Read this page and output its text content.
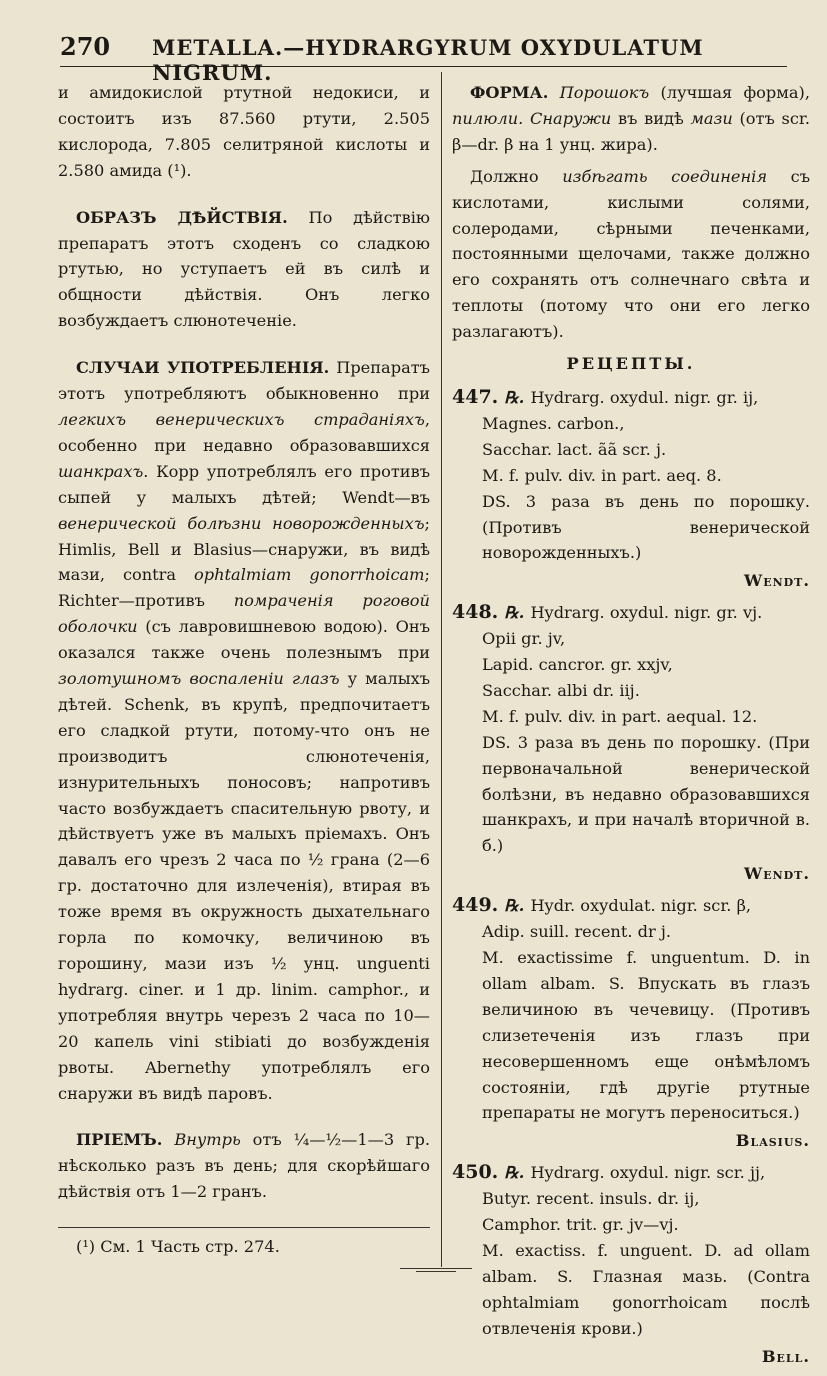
270 METALLA.—HYDRARGYRUM OXYDULATUM NIGRUM.

и амидокислой ртутной недокиси, и состоитъ изъ 87.560 ртути, 2.505 кислорода, 7.805 селитряной кислоты и 2.580 амида (¹).

ОБРАЗЪ ДѢЙСТВІЯ. По дѣйствію препаратъ этотъ сходенъ со сладкою ртутью, но уступаетъ ей въ силѣ и общности дѣйствія. Онъ легко возбуждаетъ слюнотеченіе.

СЛУЧАИ УПОТРЕБЛЕНІЯ. Препаратъ этотъ употребляютъ обыкновенно при легкихъ венерическихъ страданіяхъ, особенно при недавно образовавшихся шанкрахъ. Корр употреблялъ его противъ сыпей у малыхъ дѣтей; Wendt—въ венерической болѣзни новорожденныхъ; Himlis, Bell и Blasius—снаружи, въ видѣ мази, contra ophtalmiam gonorrhoicam; Richter—противъ помраченія роговой оболочки (съ лавровишневою водою). Онъ оказался также очень полезнымъ при золотушномъ воспаленіи глазъ у малыхъ дѣтей. Schenk, въ крупѣ, предпочитаетъ его сладкой ртути, потому-что онъ не производитъ слюнотеченія, изнурительныхъ поносовъ; напротивъ часто возбуждаетъ спасительную рвоту, и дѣйствуетъ уже въ малыхъ пріемахъ. Онъ давалъ его чрезъ 2 часа по ½ грана (2—6 гр. достаточно для излеченія), втирая въ тоже время въ окружность дыхательнаго горла по комочку, величиною въ горошину, мази изъ ½ унц. unguenti hydrarg. ciner. и 1 др. linim. camphor., и употребляя внутрь черезъ 2 часа по 10—20 капель vini stibiati до возбужденія рвоты. Abernethy употреблялъ его снаружи въ видѣ паровъ.

ПРІЕМЪ. Внутрь отъ ¼—½—1—3 гр. нѣсколько разъ въ день; для скорѣйшаго дѣйствія отъ 1—2 гранъ.

(¹) См. 1 Часть стр. 274.

ФОРМА. Порошокъ (лучшая форма), пилюли. Снаружи въ видѣ мази (отъ scr. β—dr. β на 1 унц. жира).

Должно избѣгать соединенія съ кислотами, кислыми солями, солеродами, сѣрными печенками, постоянными щелочами, также должно его сохранять отъ солнечнаго свѣта и теплоты (потому что они его легко разлагаютъ).

РЕЦЕПТЫ.
447. ℞. Hydrarg. oxydul. nigr. gr. ij,
Magnes. carbon.,
Sacchar. lact. ãã scr. j.
M. f. pulv. div. in part. aeq. 8.
DS. 3 раза въ день по порошку. (Противъ венерической новорожденныхъ.)
Wendt.
448. ℞. Hydrarg. oxydul. nigr. gr. vj.
Opii gr. jv,
Lapid. cancror. gr. xxjv,
Sacchar. albi dr. iij.
M. f. pulv. div. in part. aequal. 12.
DS. 3 раза въ день по порошку. (При первоначальной венерической болѣзни, въ недавно образовавшихся шанкрахъ, и при началѣ вторичной в. б.)
Wendt.
449. ℞. Hydr. oxydulat. nigr. scr. β,
Adip. suill. recent. dr j.
M. exactissime f. unguentum. D. in ollam albam. S. Впускать въ глазъ величиною въ чечевицу. (Противъ слизетеченія изъ глазъ при несовершенномъ еще онѣмѣломъ состояніи, гдѣ другіе ртутные препараты не могутъ переноситься.)
Blasius.
450. ℞. Hydrarg. oxydul. nigr. scr. jj,
Butyr. recent. insuls. dr. ij,
Camphor. trit. gr. jv—vj.
M. exactiss. f. unguent. D. ad ollam albam. S. Глазная мазь. (Contra ophtalmiam gonorrhoicam послѣ отвлеченія крови.)
Bell.
